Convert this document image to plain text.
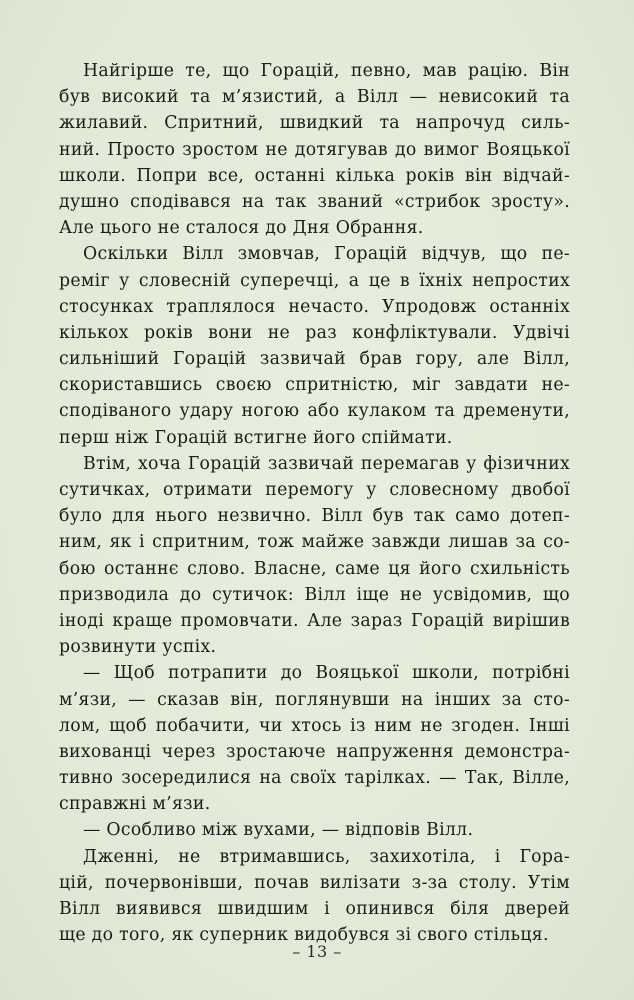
Найгірше те, що Горацій, певно, мав рацію. Він
був високий та м’язистий, а Вілл — невисокий та
жилавий. Спритний, швидкий та напрочуд силь-
ний. Просто зростом не дотягував до вимог Вояцької
школи. Попри все, останні кілька років він відчай-
душно сподівався на так званий «стрибок зросту».
Але цього не сталося до Дня Обрання.

Оскільки Вілл змовчав, Горацій відчув, що пе-
реміг у словесній суперечці, а це в їхніх непростих
стосунках траплялося нечасто. Упродовж останніх
кількох років вони не раз конфліктували. Удвічі
сильніший Горацій зазвичай брав гору, але Вілл,
скориставшись своєю спритністю, міг завдати не-
сподіваного удару ногою або кулаком та дременути,
перш ніж Горацій встигне його спіймати.

Втім, хоча Горацій зазвичай перемагав у фізичних
сутичках, отримати перемогу у словесному двобої
було для нього незвично. Вілл був так само дотеп-
ним, як і спритним, тож майже завжди лишав за со-
бою останнє слово. Власне, саме ця його схильність
призводила до сутичок: Вілл іще не усвідомив, що
іноді краще промовчати. Але зараз Горацій вирішив
розвинути успіх.

— Щоб потрапити до Вояцької школи, потрібні
м’язи, — сказав він, поглянувши на інших за сто-
лом, щоб побачити, чи хтось із ним не згоден. Інші
вихованці через зростаюче напруження демонстра-
тивно зосередилися на своїх тарілках. — Так, Вілле,
справжні м’язи.

— Особливо між вухами, — відповів Вілл.

Дженні, не втримавшись, захихотіла, і Гора-
цій, почервонівши, почав вилізати з-за столу. Утім
Вілл виявився швидшим і опинився біля дверей
ще до того, як суперник видобувся зі свого стільця.

– 13 –
